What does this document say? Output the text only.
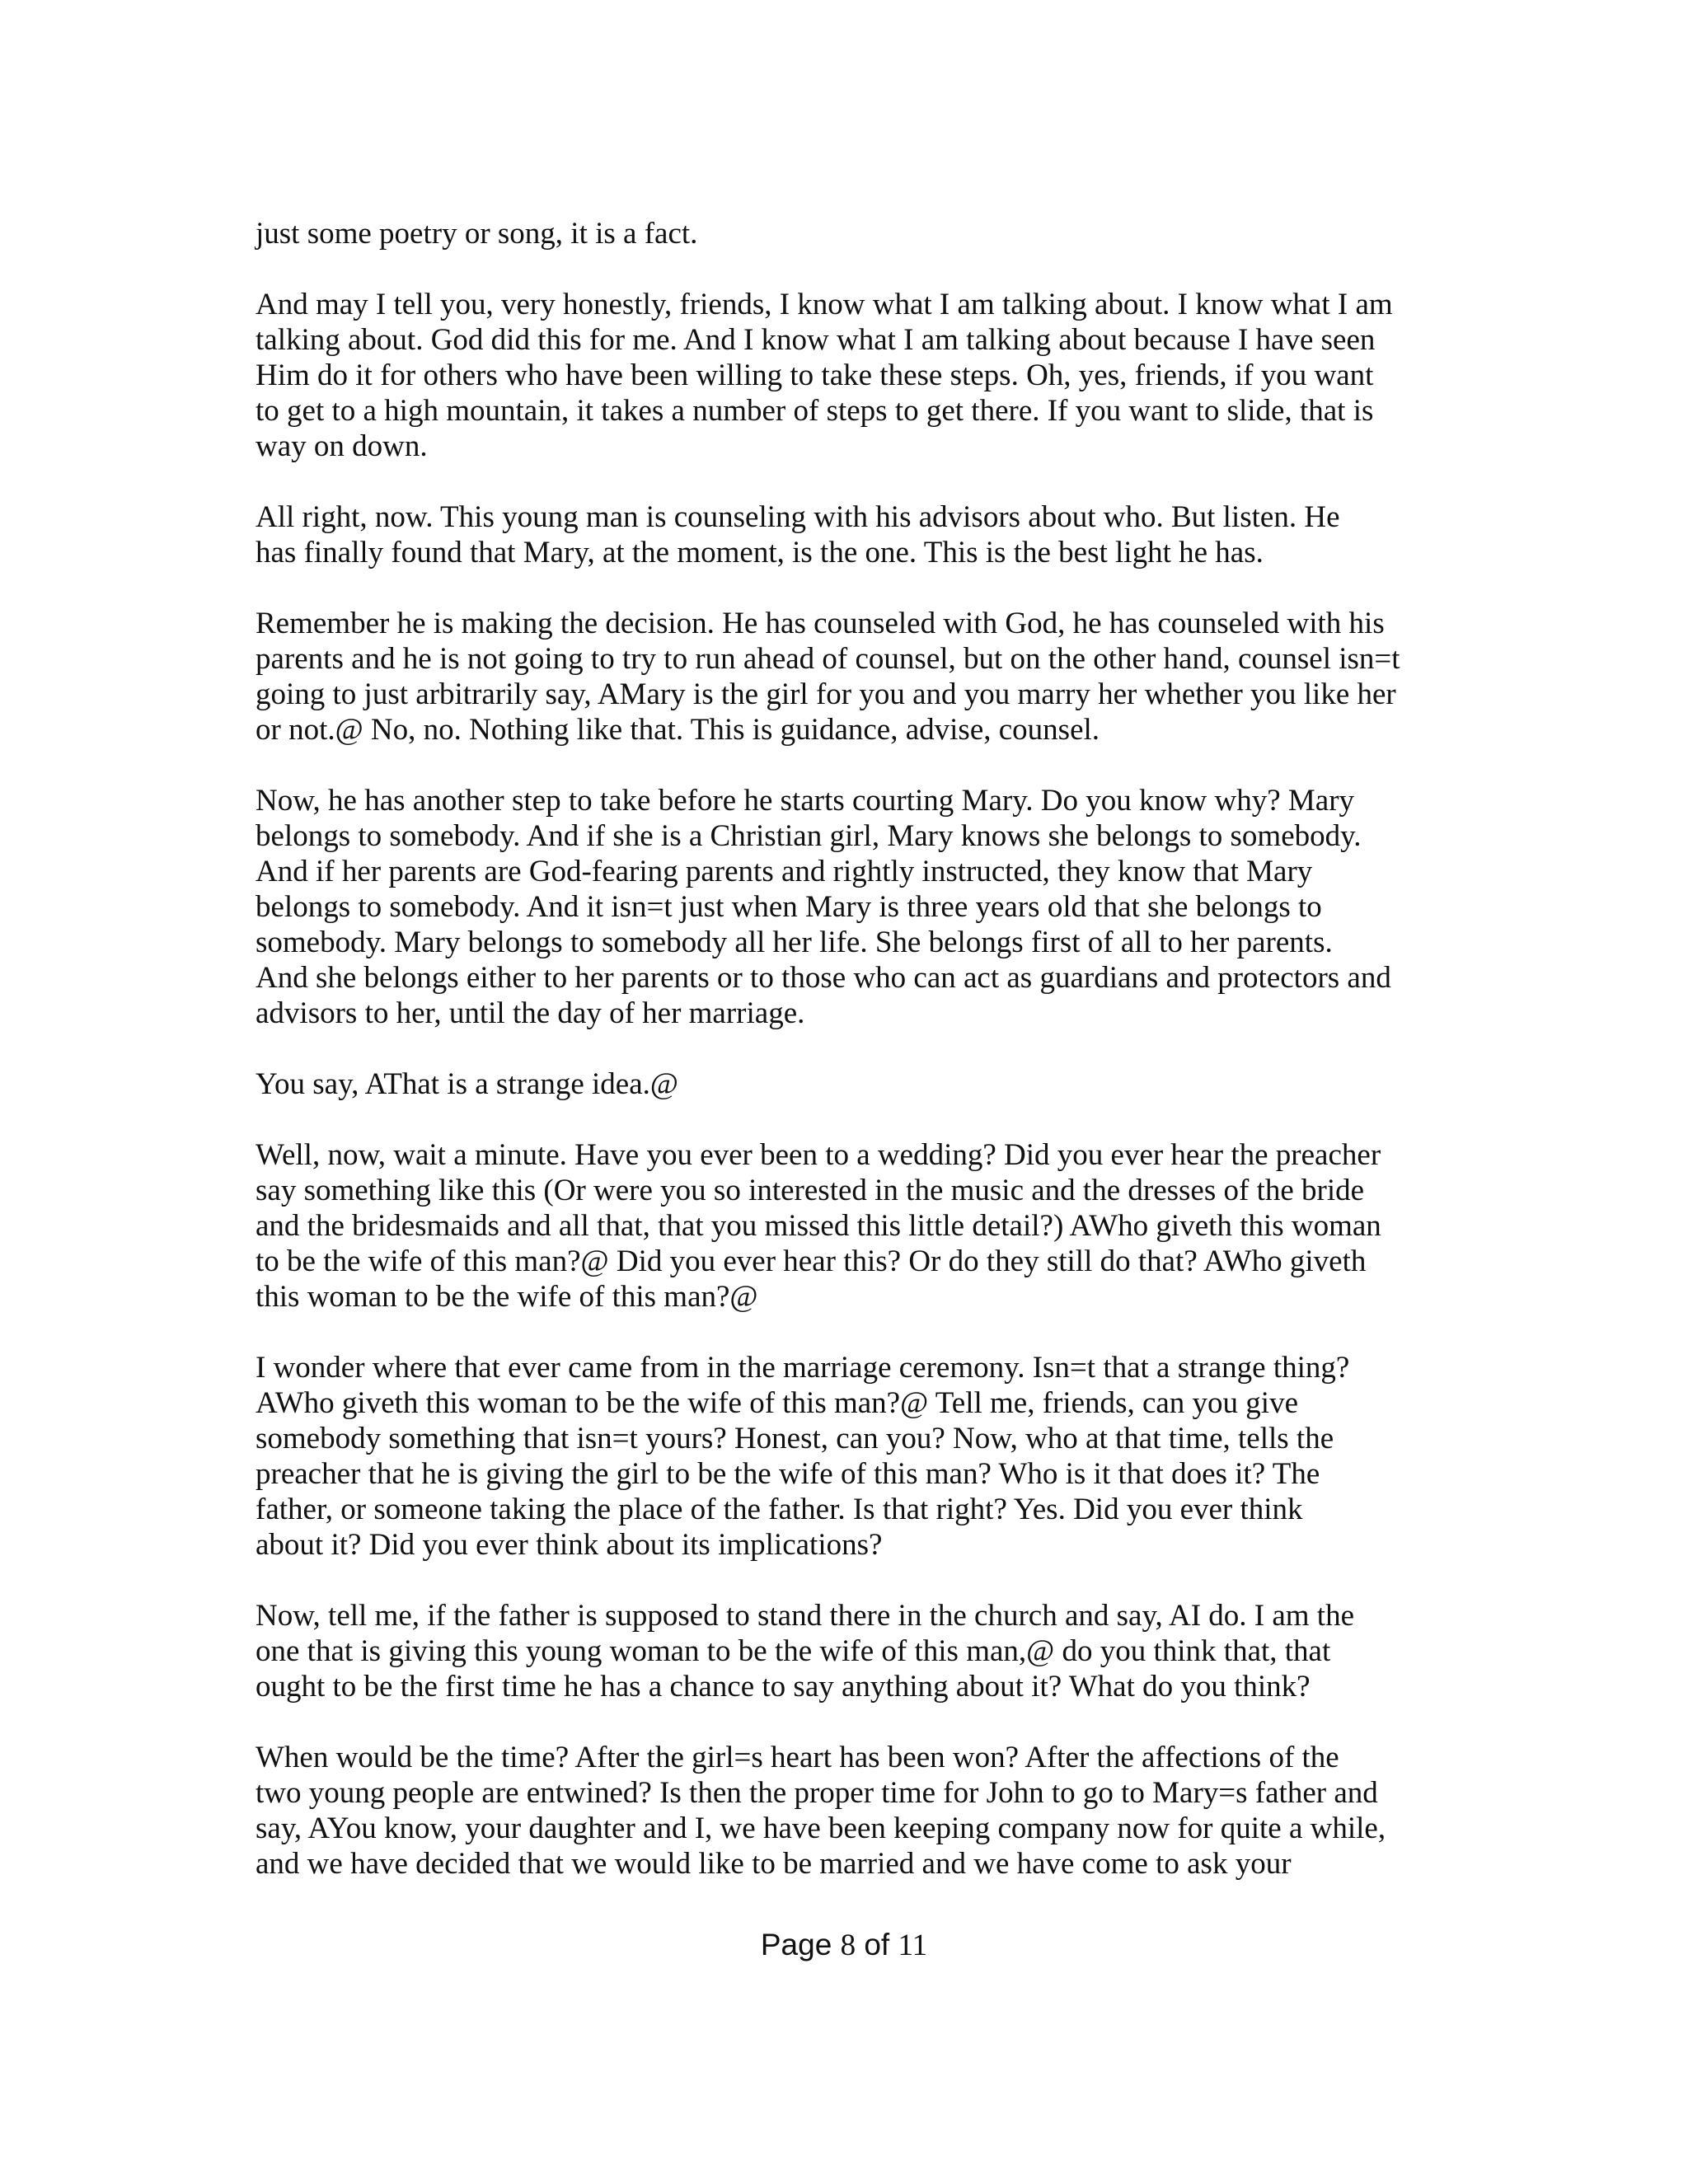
just some poetry or song, it is a fact.

And may I tell you, very honestly, friends, I know what I am talking about. I know what I am
talking about. God did this for me. And I know what I am talking about because I have seen
Him do it for others who have been willing to take these steps. Oh, yes, friends, if you want
to get to a high mountain, it takes a number of steps to get there. If you want to slide, that is
way on down.

All right, now. This young man is counseling with his advisors about who. But listen. He
has finally found that Mary, at the moment, is the one. This is the best light he has.

Remember he is making the decision. He has counseled with God, he has counseled with his
parents and he is not going to try to run ahead of counsel, but on the other hand, counsel isn=t
going to just arbitrarily say, AMary is the girl for you and you marry her whether you like her
or not.@ No, no. Nothing like that. This is guidance, advise, counsel.

Now, he has another step to take before he starts courting Mary. Do you know why? Mary
belongs to somebody. And if she is a Christian girl, Mary knows she belongs to somebody.
And if her parents are God-fearing parents and rightly instructed, they know that Mary
belongs to somebody. And it isn=t just when Mary is three years old that she belongs to
somebody. Mary belongs to somebody all her life. She belongs first of all to her parents.
And she belongs either to her parents or to those who can act as guardians and protectors and
advisors to her, until the day of her marriage.

You say, AThat is a strange idea.@

Well, now, wait a minute. Have you ever been to a wedding? Did you ever hear the preacher
say something like this (Or were you so interested in the music and the dresses of the bride
and the bridesmaids and all that, that you missed this little detail?) AWho giveth this woman
to be the wife of this man?@ Did you ever hear this? Or do they still do that? AWho giveth
this woman to be the wife of this man?@

I wonder where that ever came from in the marriage ceremony. Isn=t that a strange thing?
AWho giveth this woman to be the wife of this man?@ Tell me, friends, can you give
somebody something that isn=t yours? Honest, can you? Now, who at that time, tells the
preacher that he is giving the girl to be the wife of this man? Who is it that does it? The
father, or someone taking the place of the father. Is that right? Yes. Did you ever think
about it? Did you ever think about its implications?

Now, tell me, if the father is supposed to stand there in the church and say, AI do. I am the
one that is giving this young woman to be the wife of this man,@ do you think that, that
ought to be the first time he has a chance to say anything about it? What do you think?

When would be the time? After the girl=s heart has been won? After the affections of the
two young people are entwined? Is then the proper time for John to go to Mary=s father and
say, AYou know, your daughter and I, we have been keeping company now for quite a while,
and we have decided that we would like to be married and we have come to ask your

Page 8 of 11
